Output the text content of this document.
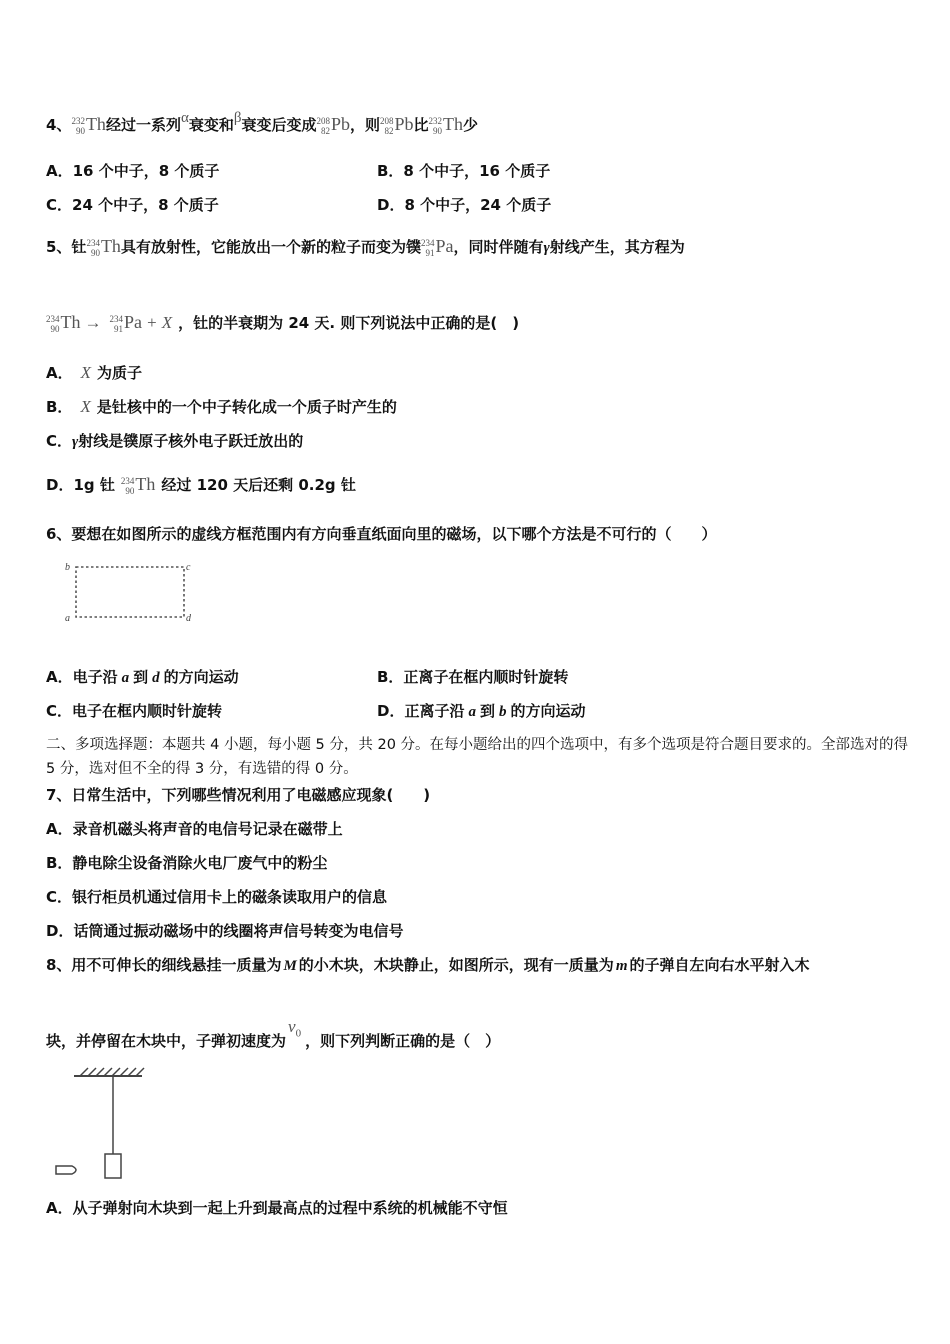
4、 232
90 Th经过一系列α衰变和β衰变后变成 208
82 Pb，则 208
82 Pb比 232
90 Th少
A．16 个中子，8 个质子	B．8 个中子，16 个质子
C．24 个中子，8 个质子	D．8 个中子，24 个质子
5、钍 234
90 Th具有放射性，它能放出一个新的粒子而变为镤 234
91 Pa，同时伴随有γ射线产生，其方程为
234
90 Th → 234
91 Pa + X ，钍的半衰期为 24 天. 则下列说法中正确的是(　)
A． X 为质子
B． X 是钍核中的一个中子转化成一个质子时产生的
C．γ射线是镤原子核外电子跃迁放出的
D．1g 钍 234
90 Th 经过 120 天后还剩 0.2g 钍
6、要想在如图所示的虚线方框范围内有方向垂直纸面向里的磁场，以下哪个方法是不可行的（　　）
b	c
a	d
A．电子沿 a 到 d 的方向运动	B．正离子在框内顺时针旋转
C．电子在框内顺时针旋转	D．正离子沿 a 到 b 的方向运动
二、多项选择题：本题共 4 小题，每小题 5 分，共 20 分。在每小题给出的四个选项中，有多个选项是符合题目要求的。全部选对的得 5 分，选对但不全的得 3 分，有选错的得 0 分。
7、日常生活中，下列哪些情况利用了电磁感应现象(　　)
A．录音机磁头将声音的电信号记录在磁带上
B．静电除尘设备消除火电厂废气中的粉尘
C．银行柜员机通过信用卡上的磁条读取用户的信息
D．话筒通过振动磁场中的线圈将声信号转变为电信号
8、用不可伸长的细线悬挂一质量为 M 的小木块，木块静止，如图所示，现有一质量为 m 的子弹自左向右水平射入木
块，并停留在木块中，子弹初速度为$v_0$ ，则下列判断正确的是（　）
A．从子弹射向木块到一起上升到最高点的过程中系统的机械能不守恒
